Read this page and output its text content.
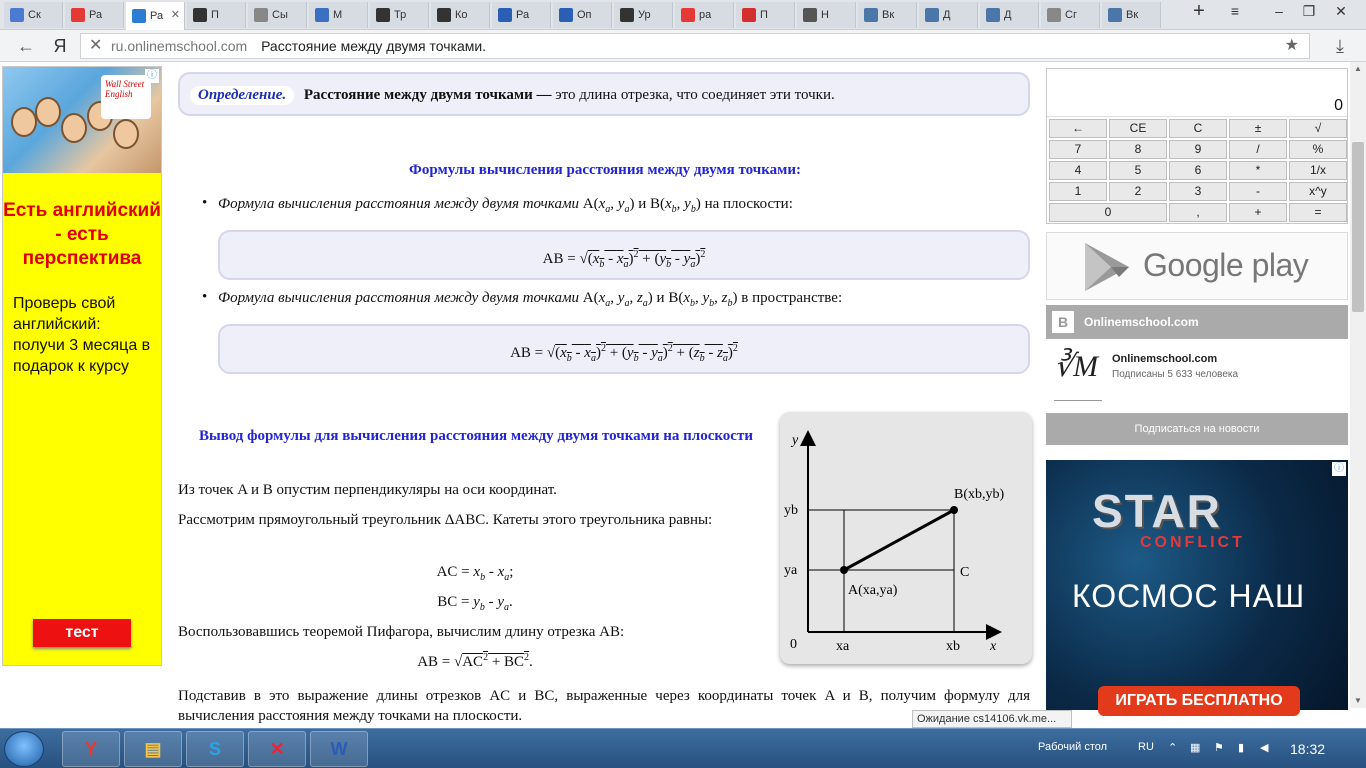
Ск	Ра	Ра ✕	П	Сы	М	Тр	Ко	Ра	Оп	Ур	ра	П	Н	Вк	Д	Д	Сг	Вк	+	≡	–	❐	✕
←	Я	✕ ru.onlinemschool.com Расстояние между двумя точками.	★	⤓
Wall Street English
ⓘ
Есть английский - есть перспектива
Проверь свой английский: получи 3 месяца в подарок к курсу
тест
Определение. Расстояние между двумя точками — это длина отрезка, что соединяет эти точки.
Формулы вычисления расстояния между двумя точками:
• Формула вычисления расстояния между двумя точками $A(x_a$, $y_a$) и $B(x_b$, $y_b$) на плоскости:
AB = $√(x_b - x_a)^2 + (y_b - y_a)^2$
• Формула вычисления расстояния между двумя точками $A(x_a$, $y_a$, $z_a$) и $B(x_b$, $y_b$, $z_b$) в пространстве:
AB = $√(x_b - x_a)^2 + (y_b - y_a)^2 + (z_b - z_a)^2$
Вывод формулы для вычисления расстояния между двумя точками на плоскости
Из точек A и B опустим перпендикуляры на оси координат.
Рассмотрим прямоугольный треугольник ΔABC. Катеты этого треугольника равны:
AC = $x_b - x_a$;
BC = $y_b - y_a$.
Воспользовавшись теоремой Пифагора, вычислим длину отрезка AB:
AB = $√AC^2 + BC^2$.
Подставив в это выражение длины отрезков AC и BC, выраженные через координаты точек A и B, получим формулу для вычисления расстояния между точками на плоскости.
y
x
0
yb
ya
xa	xb
A(xa,ya)
B(xb,yb)
C
0
←	CE	C	±	√
7	8	9	/	%
4	5	6	*	1/x
1	2	3	-	x^y
0	,	+	=
Google play
B	Onlinemschool.com
∛M	Onlinemschool.com
Подписаны 5 633 человека
Подписаться на новости
ⓘ
STAR
CONFLICT
КОСМОС НАШ
ИГРАТЬ БЕСПЛАТНО
▲
▼
Ожидание cs14106.vk.me...
Y	▤	S	✕	W	Рабочий стол	RU ⌃ ▦ ⚑ ▮ ◀ 18:32
